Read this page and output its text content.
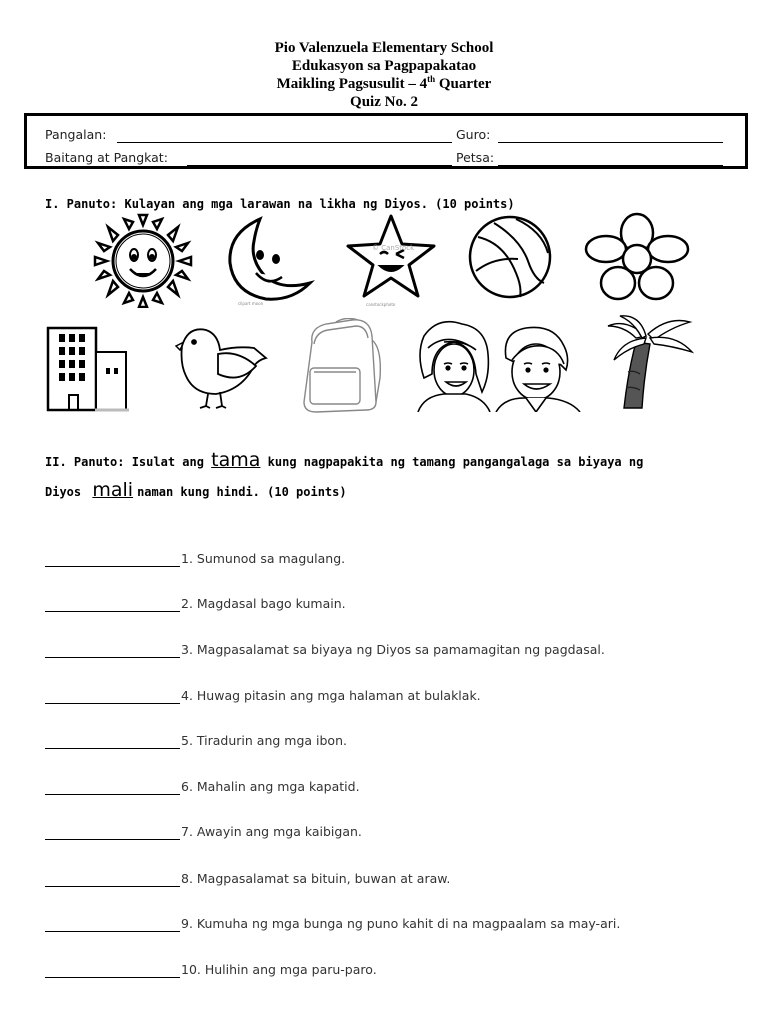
Pio Valenzuela Elementary School
Edukasyon sa Pagpapakatao
Maikling Pagsusulit – 4th Quarter
Quiz No. 2
Pangalan:	Guro:
Baitang at Pangkat:	Petsa:
I. Panuto: Kulayan ang mga larawan na likha ng Diyos. (10 points)
clipart moon
© CanStock
canstockphoto
II. Panuto: Isulat ang tama kung nagpapakita ng tamang pangangalaga sa biyaya ng
Diyos mali naman kung hindi. (10 points)
1. Sumunod sa magulang.
2. Magdasal bago kumain.
3. Magpasalamat sa biyaya ng Diyos sa pamamagitan ng pagdasal.
4. Huwag pitasin ang mga halaman at bulaklak.
5. Tiradurin ang mga ibon.
6. Mahalin ang mga kapatid.
7. Awayin ang mga kaibigan.
8. Magpasalamat sa bituin, buwan at araw.
9. Kumuha ng mga bunga ng puno kahit di na magpaalam sa may-ari.
10. Hulihin ang mga paru-paro.
